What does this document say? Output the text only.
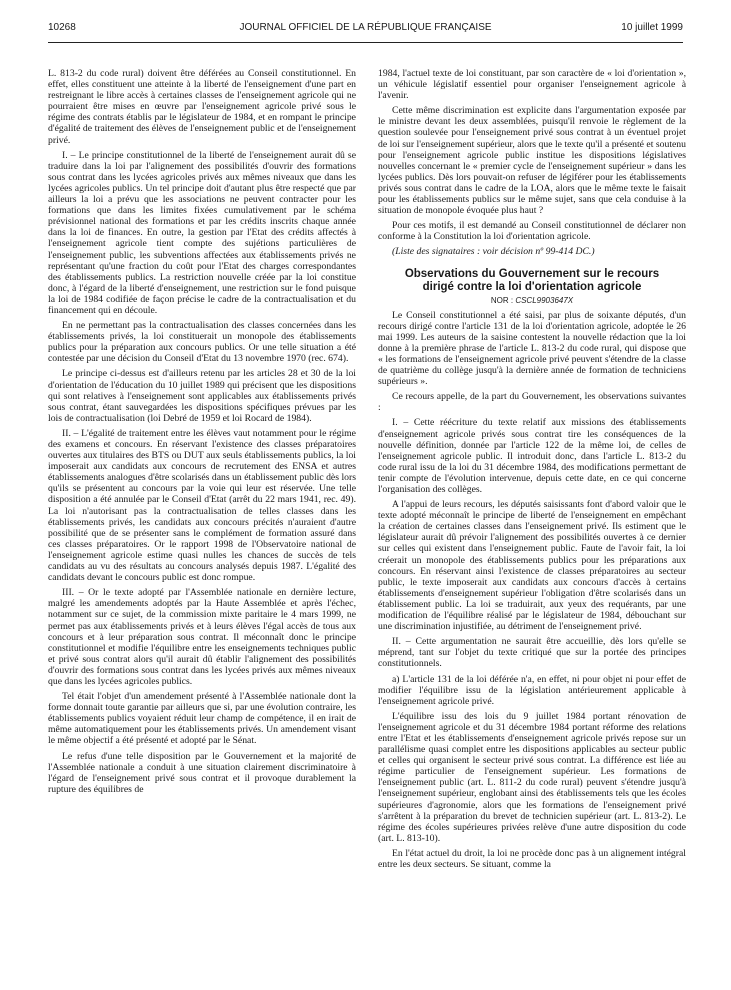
10268	JOURNAL OFFICIEL DE LA RÉPUBLIQUE FRANÇAISE	10 juillet 1999

L. 813-2 du code rural) doivent être déférées au Conseil constitutionnel. En effet, elles constituent une atteinte à la liberté de l'enseignement d'une part en restreignant le libre accès à certaines classes de l'enseignement agricole qui ne pourraient être mises en œuvre par l'enseignement agricole privé sous le régime des contrats établis par le législateur de 1984, et en rompant le principe d'égalité de traitement des élèves de l'enseignement public et de l'enseignement privé.

I. – Le principe constitutionnel de la liberté de l'enseignement aurait dû se traduire dans la loi par l'alignement des possibilités d'ouvrir des formations sous contrat dans les lycées agricoles privés aux mêmes niveaux que dans les lycées agricoles publics. Un tel principe doit d'autant plus être respecté que par ailleurs la loi a prévu que les associations ne peuvent contracter pour les formations que dans les limites fixées cumulativement par le schéma prévisionnel national des formations et par les crédits inscrits chaque année dans la loi de finances. En outre, la gestion par l'Etat des crédits affectés à l'enseignement agricole tient compte des sujétions particulières de l'enseignement public, les subventions affectées aux établissements privés ne représentant qu'une fraction du coût pour l'Etat des charges correspondantes des établissements publics. La restriction nouvelle créée par la loi constitue donc, à l'égard de la liberté d'enseignement, une restriction sur le fond puisque la loi de 1984 codifiée de façon précise le cadre de la contractualisation et du financement qui en découle.

En ne permettant pas la contractualisation des classes concernées dans les établissements privés, la loi constituerait un monopole des établissements publics pour la préparation aux concours publics. Or une telle situation a été contestée par une décision du Conseil d'Etat du 13 novembre 1970 (rec. 674).

Le principe ci-dessus est d'ailleurs retenu par les articles 28 et 30 de la loi d'orientation de l'éducation du 10 juillet 1989 qui précisent que les dispositions qui sont relatives à l'enseignement sont applicables aux établissements privés sous contrat, étant sauvegardées les dispositions spécifiques prévues par les lois de contractualisation (loi Debré de 1959 et loi Rocard de 1984).

II. – L'égalité de traitement entre les élèves vaut notamment pour le régime des examens et concours. En réservant l'existence des classes préparatoires ouvertes aux titulaires des BTS ou DUT aux seuls établissements publics, la loi imposerait aux candidats aux concours de recrutement des ENSA et autres établissements analogues d'être scolarisés dans un établissement public dès lors qu'ils se présentent au concours par la voie qui leur est réservée. Une telle disposition a été annulée par le Conseil d'Etat (arrêt du 22 mars 1941, rec. 49). La loi n'autorisant pas la contractualisation de telles classes dans les établissements privés, les candidats aux concours précités n'auraient d'autre possibilité que de se présenter sans le complément de formation assuré dans ces classes préparatoires. Or le rapport 1998 de l'Observatoire national de l'enseignement agricole estime quasi nulles les chances de succès de tels candidats au vu des résultats au concours analysés depuis 1987. L'égalité des candidats devant le concours public est donc rompue.

III. – Or le texte adopté par l'Assemblée nationale en dernière lecture, malgré les amendements adoptés par la Haute Assemblée et après l'échec, notamment sur ce sujet, de la commission mixte paritaire le 4 mars 1999, ne permet pas aux établissements privés et à leurs élèves l'égal accès de tous aux concours et à leur préparation sous contrat. Il méconnaît donc le principe constitutionnel et modifie l'équilibre entre les enseignements techniques public et privé sous contrat alors qu'il aurait dû établir l'alignement des possibilités d'ouvrir des formations sous contrat dans les lycées privés aux mêmes niveaux que dans les lycées agricoles publics.

Tel était l'objet d'un amendement présenté à l'Assemblée nationale dont la forme donnait toute garantie par ailleurs que si, par une évolution contraire, les établissements publics voyaient réduit leur champ de compétence, il en irait de même automatiquement pour les établissements privés. Un amendement visant le même objectif a été présenté et adopté par le Sénat.

Le refus d'une telle disposition par le Gouvernement et la majorité de l'Assemblée nationale a conduit à une situation clairement discriminatoire à l'égard de l'enseignement privé sous contrat et il provoque durablement la rupture des équilibres de

1984, l'actuel texte de loi constituant, par son caractère de « loi d'orientation », un véhicule législatif essentiel pour organiser l'enseignement agricole à l'avenir.

Cette même discrimination est explicite dans l'argumentation exposée par le ministre devant les deux assemblées, puisqu'il renvoie le règlement de la question soulevée pour l'enseignement privé sous contrat à un éventuel projet de loi sur l'enseignement supérieur, alors que le texte qu'il a présenté et soutenu pour l'enseignement agricole public institue les dispositions législatives nouvelles concernant le « premier cycle de l'enseignement supérieur » dans les lycées publics. Dès lors pouvait-on refuser de légiférer pour les établissements privés sous contrat dans le cadre de la LOA, alors que le même texte le faisait pour les établissements publics sur le même sujet, sans que cela conduise à la situation de monopole évoquée plus haut ?

Pour ces motifs, il est demandé au Conseil constitutionnel de déclarer non conforme à la Constitution la loi d'orientation agricole.

(Liste des signataires : voir décision nº 99-414 DC.)

Observations du Gouvernement sur le recours
dirigé contre la loi d'orientation agricole
NOR : CSCL9903647X

Le Conseil constitutionnel a été saisi, par plus de soixante députés, d'un recours dirigé contre l'article 131 de la loi d'orientation agricole, adoptée le 26 mai 1999. Les auteurs de la saisine contestent la nouvelle rédaction que la loi donne à la première phrase de l'article L. 813-2 du code rural, qui dispose que « les formations de l'enseignement agricole privé peuvent s'étendre de la classe de quatrième du collège jusqu'à la dernière année de formation de techniciens supérieurs ».

Ce recours appelle, de la part du Gouvernement, les observations suivantes :

I. – Cette réécriture du texte relatif aux missions des établissements d'enseignement agricole privés sous contrat tire les conséquences de la nouvelle définition, donnée par l'article 122 de la même loi, de celles de l'enseignement agricole public. Il introduit donc, dans l'article L. 813-2 du code rural issu de la loi du 31 décembre 1984, des modifications permettant de tenir compte de l'évolution intervenue, depuis cette date, en ce qui concerne l'organisation des collèges.

A l'appui de leurs recours, les députés saisissants font d'abord valoir que le texte adopté méconnaît le principe de liberté de l'enseignement en empêchant la création de certaines classes dans l'enseignement privé. Ils estiment que le législateur aurait dû prévoir l'alignement des possibilités ouvertes à ce dernier sur celles qui existent dans l'enseignement public. Faute de l'avoir fait, la loi créerait un monopole des établissements publics pour les préparations aux concours. En réservant ainsi l'existence de classes préparatoires au secteur public, le texte imposerait aux candidats aux concours d'accès à certains établissements d'enseignement supérieur l'obligation d'être scolarisés dans un établissement public. La loi se traduirait, aux yeux des requérants, par une modification de l'équilibre réalisé par le législateur de 1984, débouchant sur une discrimination injustifiée, au détriment de l'enseignement privé.

II. – Cette argumentation ne saurait être accueillie, dès lors qu'elle se méprend, tant sur l'objet du texte critiqué que sur la portée des principes constitutionnels.

a) L'article 131 de la loi déférée n'a, en effet, ni pour objet ni pour effet de modifier l'équilibre issu de la législation antérieurement applicable à l'enseignement agricole privé.

L'équilibre issu des lois du 9 juillet 1984 portant rénovation de l'enseignement agricole et du 31 décembre 1984 portant réforme des relations entre l'Etat et les établissements d'enseignement agricole privés repose sur un parallélisme quasi complet entre les dispositions applicables au secteur public et celles qui organisent le secteur privé sous contrat. La différence est liée au régime particulier de l'enseignement supérieur. Les formations de l'enseignement public (art. L. 811-2 du code rural) peuvent s'étendre jusqu'à l'enseignement supérieur, englobant ainsi des établissements tels que les écoles supérieures d'agronomie, alors que les formations de l'enseignement privé s'arrêtent à la préparation du brevet de technicien supérieur (art. L. 813-2). Le régime des écoles supérieures privées relève d'une autre disposition du code (art. L. 813-10).

En l'état actuel du droit, la loi ne procède donc pas à un alignement intégral entre les deux secteurs. Se situant, comme la
